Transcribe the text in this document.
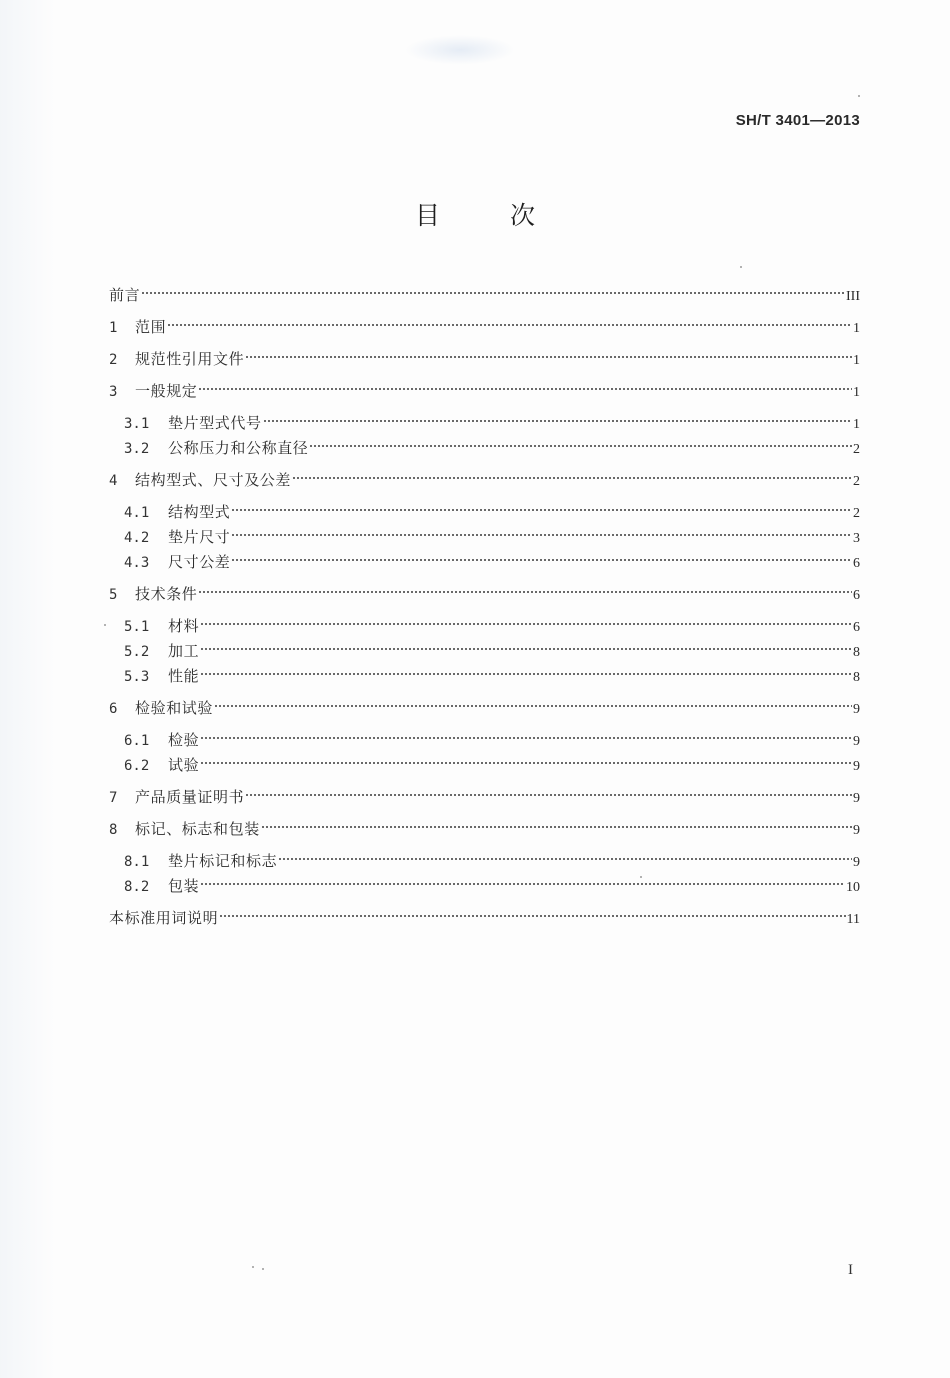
SH/T 3401—2013
目 次
前言	III
1	范围	1
2	规范性引用文件	1
3	一般规定	1
3.1	垫片型式代号	1
3.2	公称压力和公称直径	2
4	结构型式、尺寸及公差	2
4.1	结构型式	2
4.2	垫片尺寸	3
4.3	尺寸公差	6
5	技术条件	6
5.1	材料	6
5.2	加工	8
5.3	性能	8
6	检验和试验	9
6.1	检验	9
6.2	试验	9
7	产品质量证明书	9
8	标记、标志和包装	9
8.1	垫片标记和标志	9
8.2	包装	10
本标准用词说明	11
I
